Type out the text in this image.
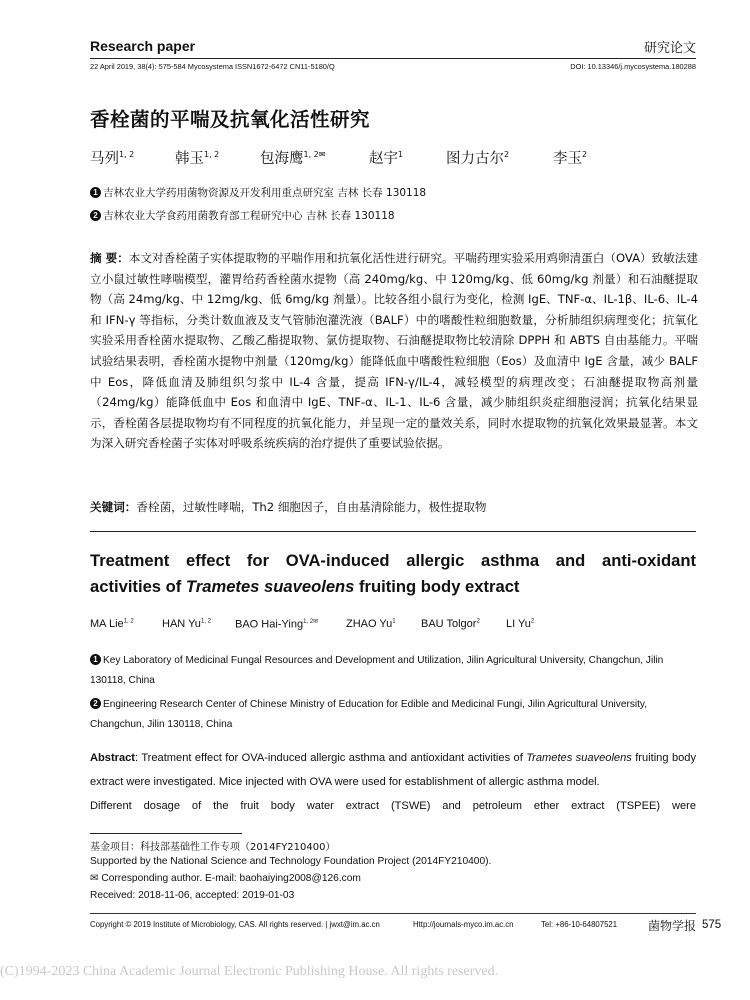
Research paper	研究论文
22 April 2019, 38(4): 575-584 Mycosystema ISSN1672-6472 CN11-5180/Q	DOI: 10.13346/j.mycosystema.180288
香栓菌的平喘及抗氧化活性研究
马列$^{1, 2}$	韩玉$^{1, 2}$	包海鹰$^{1, 2✉}$	赵宇$^1$	图力古尔$^2$	李玉$^2$
1 吉林农业大学药用菌物资源及开发利用重点研究室 吉林 长春 130118
2 吉林农业大学食药用菌教育部工程研究中心 吉林 长春 130118
摘 要：本文对香栓菌子实体提取物的平喘作用和抗氧化活性进行研究。平喘药理实验采用鸡卵清蛋白（OVA）致敏法建立小鼠过敏性哮喘模型，灌胃给药香栓菌水提物（高 240mg/kg、中 120mg/kg、低 60mg/kg 剂量）和石油醚提取物（高 24mg/kg、中 12mg/kg、低 6mg/kg 剂量）。比较各组小鼠行为变化，检测 IgE、TNF-α、IL-1β、IL-6、IL-4 和 IFN-γ 等指标，分类计数血液及支气管肺泡灌洗液（BALF）中的嗜酸性粒细胞数量，分析肺组织病理变化；抗氧化实验采用香栓菌水提取物、乙酸乙酯提取物、氯仿提取物、石油醚提取物比较清除 DPPH 和 ABTS 自由基能力。平喘试验结果表明，香栓菌水提物中剂量（120mg/kg）能降低血中嗜酸性粒细胞（Eos）及血清中 IgE 含量，减少 BALF 中 Eos，降低血清及肺组织匀浆中 IL-4 含量，提高 IFN-γ/IL-4，减轻模型的病理改变；石油醚提取物高剂量（24mg/kg）能降低血中 Eos 和血清中 IgE、TNF-α、IL-1、IL-6 含量，减少肺组织炎症细胞浸润；抗氧化结果显示，香栓菌各层提取物均有不同程度的抗氧化能力，并呈现一定的量效关系，同时水提取物的抗氧化效果最显著。本文为深入研究香栓菌子实体对呼吸系统疾病的治疗提供了重要试验依据。
关键词：香栓菌，过敏性哮喘，Th2 细胞因子，自由基清除能力，极性提取物
Treatment effect for OVA-induced allergic asthma and anti-oxidant
activities of Trametes suaveolens fruiting body extract
MA Lie$^{1, 2}$	HAN Yu$^{1, 2}$ BAO Hai-Ying$^{1, 2✉}$	ZHAO Yu$^1$ BAU Tolgor$^2$ LI Yu$^2$
1 Key Laboratory of Medicinal Fungal Resources and Development and Utilization, Jilin Agricultural University, Changchun, Jilin 130118, China
2 Engineering Research Center of Chinese Ministry of Education for Edible and Medicinal Fungi, Jilin Agricultural University, Changchun, Jilin 130118, China
Abstract: Treatment effect for OVA-induced allergic asthma and antioxidant activities of Trametes suaveolens fruiting body extract were investigated. Mice injected with OVA were used for establishment of allergic asthma model.
Different dosage of the fruit body water extract (TSWE) and petroleum ether extract (TSPEE) were
基金项目：科技部基础性工作专项（2014FY210400）
Supported by the National Science and Technology Foundation Project (2014FY210400).
✉ Corresponding author. E-mail: baohaiying2008@126.com
Received: 2018-11-06, accepted: 2019-01-03
Copyright © 2019 Institute of Microbiology, CAS. All rights reserved. | jwxt@im.ac.cn	Http://journals-myco.im.ac.cn	Tel: +86-10-64807521	菌物学报 575
(C)1994-2023 China Academic Journal Electronic Publishing House. All rights reserved.
